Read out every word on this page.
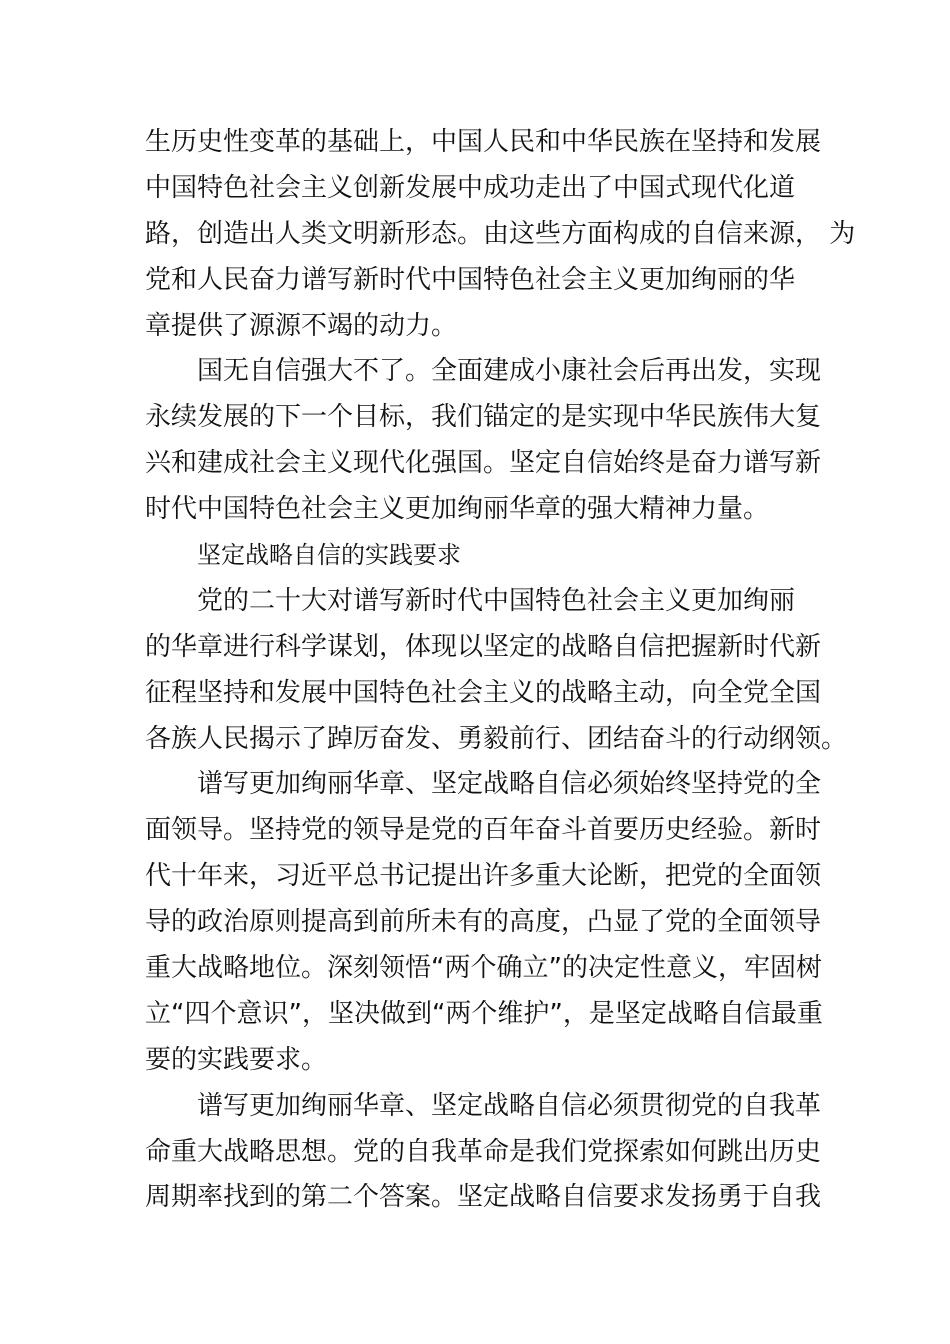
生历史性变革的基础上，中国人民和中华民族在坚持和发展
中国特色社会主义创新发展中成功走出了中国式现代化道
路，创造出人类文明新形态。由这些方面构成的自信来源， 为
党和人民奋力谱写新时代中国特色社会主义更加绚丽的华
章提供了源源不竭的动力。
国无自信强大不了。全面建成小康社会后再出发，实现
永续发展的下一个目标，我们锚定的是实现中华民族伟大复
兴和建成社会主义现代化强国。坚定自信始终是奋力谱写新
时代中国特色社会主义更加绚丽华章的强大精神力量。
坚定战略自信的实践要求
党的二十大对谱写新时代中国特色社会主义更加绚丽
的华章进行科学谋划，体现以坚定的战略自信把握新时代新
征程坚持和发展中国特色社会主义的战略主动，向全党全国
各族人民揭示了踔厉奋发、勇毅前行、团结奋斗的行动纲领。
谱写更加绚丽华章、坚定战略自信必须始终坚持党的全
面领导。坚持党的领导是党的百年奋斗首要历史经验。新时
代十年来，习近平总书记提出许多重大论断，把党的全面领
导的政治原则提高到前所未有的高度，凸显了党的全面领导
重大战略地位。深刻领悟“两个确立”的决定性意义，牢固树
立“四个意识”，坚决做到“两个维护”，是坚定战略自信最重
要的实践要求。
谱写更加绚丽华章、坚定战略自信必须贯彻党的自我革
命重大战略思想。党的自我革命是我们党探索如何跳出历史
周期率找到的第二个答案。坚定战略自信要求发扬勇于自我
